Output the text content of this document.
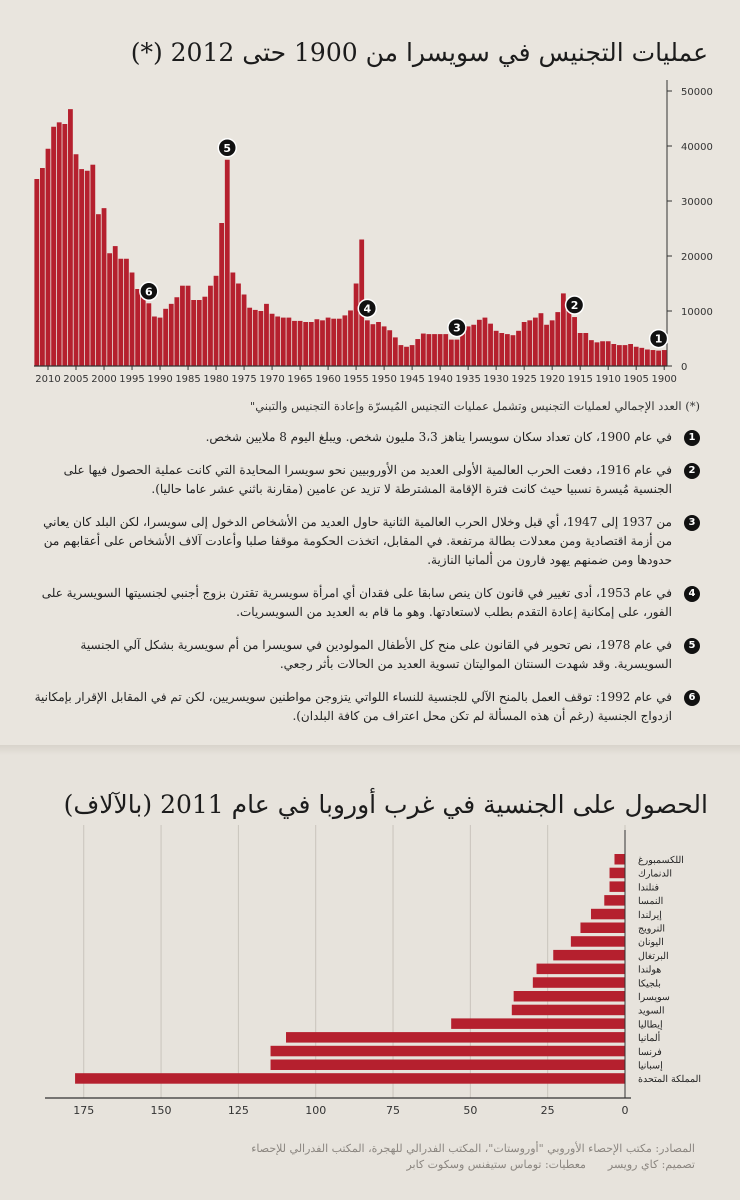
عمليات التجنيس في سويسرا من 1900 حتى 2012 (*)
0
10000
20000
30000
40000
50000
2010 2005 2000 1995 1990 1985 1980 1975 1970 1965 1960 1955 1950 1945 1940 1935 1930 1925 1920 1915 1910 1905 1900
1
2
3
4
5
6
(*) العدد الإجمالي لعمليات التجنيس وتشمل عمليات التجنيس المُيسرّة وإعادة التجنيس والتبني"
1
في عام 1900، كان تعداد سكان سويسرا يناهز 3،3 مليون شخص. ويبلغ اليوم 8 ملايين شخص.
2
في عام 1916، دفعت الحرب العالمية الأولى العديد من الأوروبيين نحو سويسرا المحايدة التي كانت عملية الحصول فيها على الجنسية مُيسرة نسبيا حيث كانت فترة الإقامة المشترطة لا تزيد عن عامين (مقارنة باثني عشر عاما حاليا).
3
من 1937 إلى 1947، أي قبل وخلال الحرب العالمية الثانية حاول العديد من الأشخاص الدخول إلى سويسرا، لكن البلد كان يعاني من أزمة اقتصادية ومن معدلات بطالة مرتفعة. في المقابل، اتخذت الحكومة موقفا صلبا وأعادت آلاف الأشخاص على أعقابهم من حدودها ومن ضمنهم يهود فارون من ألمانيا النازية.
4
في عام 1953، أدى تغيير في قانون كان ينص سابقا على فقدان أي امرأة سويسرية تقترن بزوج أجنبي لجنسيتها السويسرية على الفور، على إمكانية إعادة التقدم بطلب لاستعادتها. وهو ما قام به العديد من السويسريات.
5
في عام 1978، نص تحوير في القانون على منح كل الأطفال المولودين في سويسرا من أم سويسرية بشكل آلي الجنسية السويسرية. وقد شهدت السنتان المواليتان تسوية العديد من الحالات بأثر رجعي.
6
في عام 1992: توقف العمل بالمنح الآلي للجنسية للنساء اللواتي يتزوجن مواطنين سويسريين، لكن تم في المقابل الإقرار بإمكانية ازدواج الجنسية (رغم أن هذه المسألة لم تكن محل اعتراف من كافة البلدان).
الحصول على الجنسية في غرب أوروبا في عام 2011 (بالآلاف)
0
25
50
75
100
125
150
175
اللكسمبورغ
الدنمارك
فنلندا
النمسا
إيرلندا
النرويج
اليونان
البرتغال
هولندا
بلجيكا
سويسرا
السويد
إيطاليا
ألمانيا
فرنسا
إسبانيا
المملكة المتحدة
المصادر: مكتب الإحصاء الأوروبي "أوروستات"، المكتب الفدرالي للهجرة، المكتب الفدرالي للإحصاء
تصميم: كاي رويسرمعطيات: توماس ستيفنس وسكوت كابر
